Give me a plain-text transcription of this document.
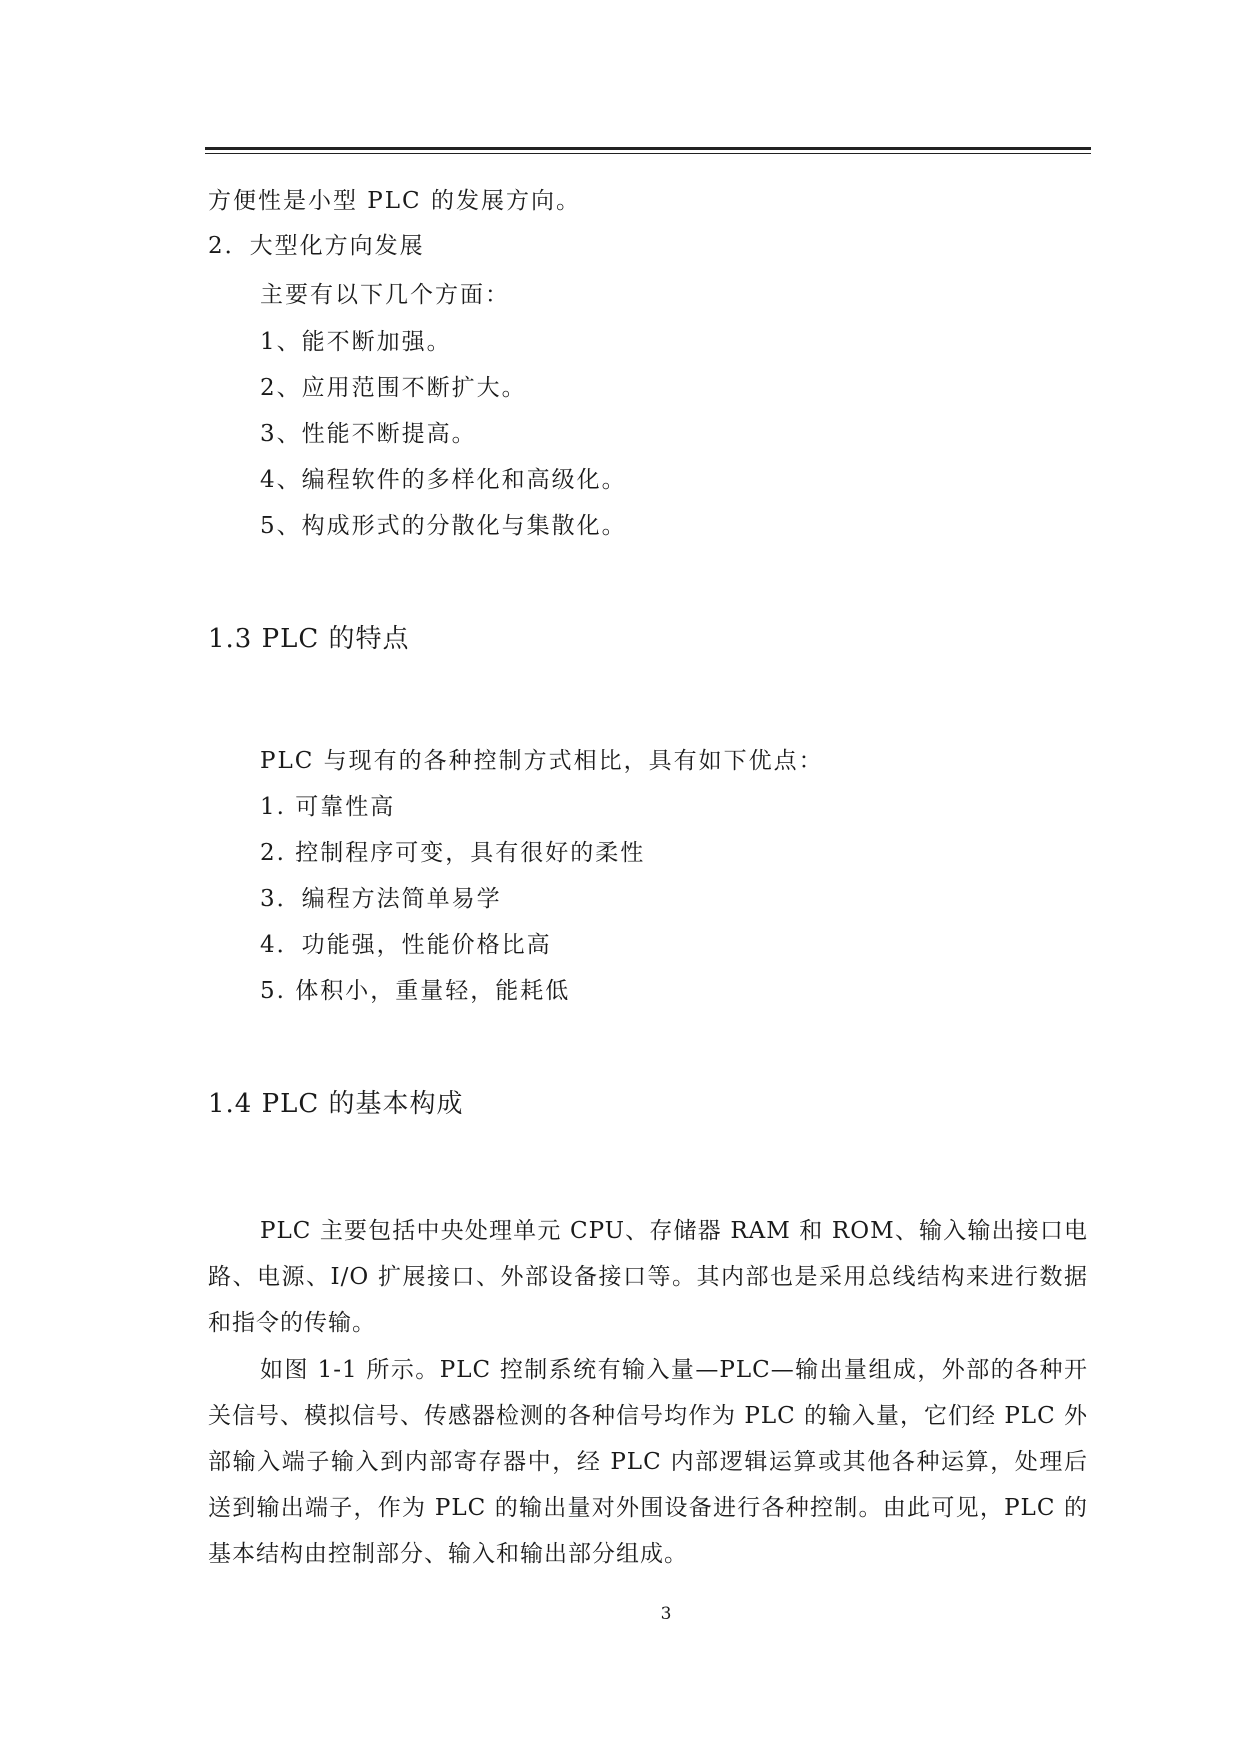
方便性是小型 PLC 的发展方向。
2．大型化方向发展
主要有以下几个方面：
1、能不断加强。
2、应用范围不断扩大。
3、性能不断提高。
4、编程软件的多样化和高级化。
5、构成形式的分散化与集散化。
1.3 PLC 的特点
PLC 与现有的各种控制方式相比，具有如下优点：
1. 可靠性高
2. 控制程序可变，具有很好的柔性
3．编程方法简单易学
4．功能强，性能价格比高
5. 体积小，重量轻，能耗低
1.4 PLC 的基本构成
PLC 主要包括中央处理单元 CPU、存储器 RAM 和 ROM、输入输出接口电路、电源、I/O 扩展接口、外部设备接口等。其内部也是采用总线结构来进行数据和指令的传输。
如图 1-1 所示。PLC 控制系统有输入量—PLC—输出量组成，外部的各种开关信号、模拟信号、传感器检测的各种信号均作为 PLC 的输入量，它们经 PLC 外部输入端子输入到内部寄存器中，经 PLC 内部逻辑运算或其他各种运算，处理后送到输出端子，作为 PLC 的输出量对外围设备进行各种控制。由此可见，PLC 的基本结构由控制部分、输入和输出部分组成。
3
